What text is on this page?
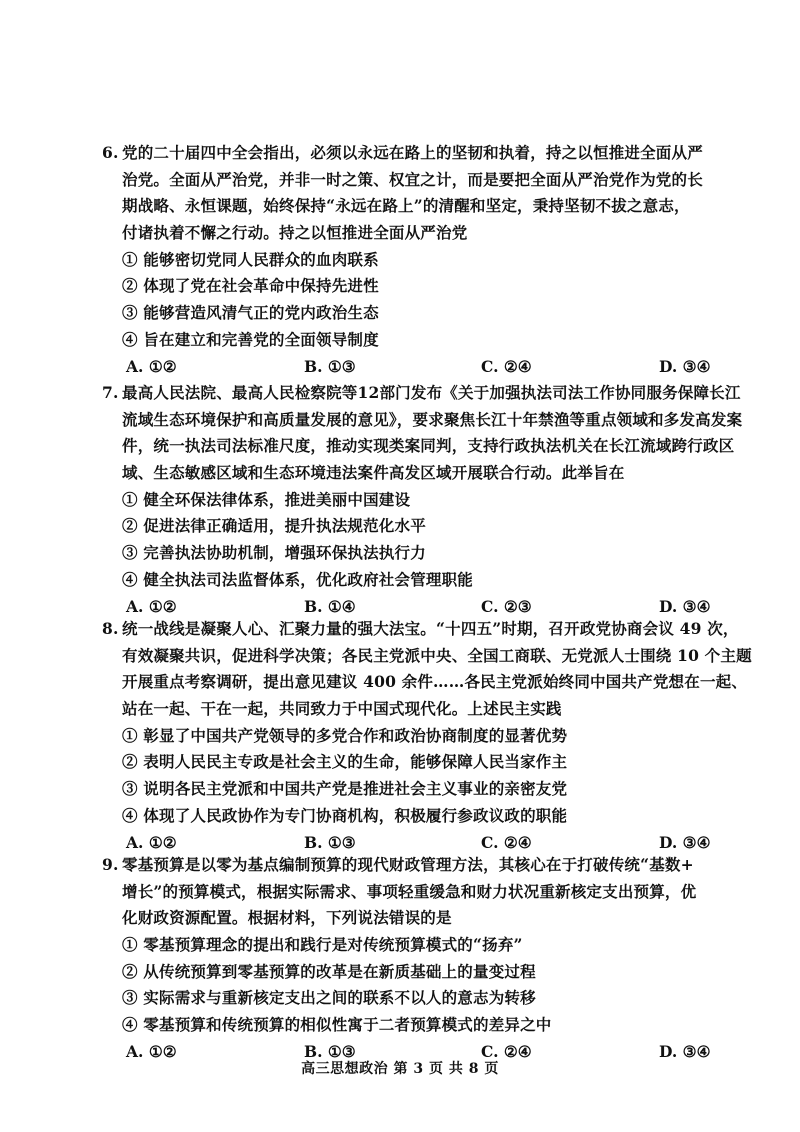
6. 党的二十届四中全会指出，必须以永远在路上的坚韧和执着，持之以恒推进全面从严
治党。全面从严治党，并非一时之策、权宜之计，而是要把全面从严治党作为党的长
期战略、永恒课题，始终保持“永远在路上”的清醒和坚定，秉持坚韧不拔之意志，
付诸执着不懈之行动。持之以恒推进全面从严治党
① 能够密切党同人民群众的血肉联系
② 体现了党在社会革命中保持先进性
③ 能够营造风清气正的党内政治生态
④ 旨在建立和完善党的全面领导制度
A. ①②	B. ①③	C. ②④	D. ③④
7. 最高人民法院、最高人民检察院等12部门发布《关于加强执法司法工作协同服务保障长江
流域生态环境保护和高质量发展的意见》，要求聚焦长江十年禁渔等重点领域和多发高发案
件，统一执法司法标准尺度，推动实现类案同判，支持行政执法机关在长江流域跨行政区
域、生态敏感区域和生态环境违法案件高发区域开展联合行动。此举旨在
① 健全环保法律体系，推进美丽中国建设
② 促进法律正确适用，提升执法规范化水平
③ 完善执法协助机制，增强环保执法执行力
④ 健全执法司法监督体系，优化政府社会管理职能
A. ①②	B. ①④	C. ②③	D. ③④
8. 统一战线是凝聚人心、汇聚力量的强大法宝。“十四五”时期，召开政党协商会议 49 次，
有效凝聚共识，促进科学决策；各民主党派中央、全国工商联、无党派人士围绕 10 个主题
开展重点考察调研，提出意见建议 400 余件……各民主党派始终同中国共产党想在一起、
站在一起、干在一起，共同致力于中国式现代化。上述民主实践
① 彰显了中国共产党领导的多党合作和政治协商制度的显著优势
② 表明人民民主专政是社会主义的生命，能够保障人民当家作主
③ 说明各民主党派和中国共产党是推进社会主义事业的亲密友党
④ 体现了人民政协作为专门协商机构，积极履行参政议政的职能
A. ①②	B. ①③	C. ②④	D. ③④
9. 零基预算是以零为基点编制预算的现代财政管理方法，其核心在于打破传统“基数+
增长”的预算模式，根据实际需求、事项轻重缓急和财力状况重新核定支出预算，优
化财政资源配置。根据材料，下列说法错误的是
① 零基预算理念的提出和践行是对传统预算模式的“扬弃”
② 从传统预算到零基预算的改革是在新质基础上的量变过程
③ 实际需求与重新核定支出之间的联系不以人的意志为转移
④ 零基预算和传统预算的相似性寓于二者预算模式的差异之中
A. ①②	B. ①③	C. ②④	D. ③④
高三思想政治 第 3 页 共 8 页
